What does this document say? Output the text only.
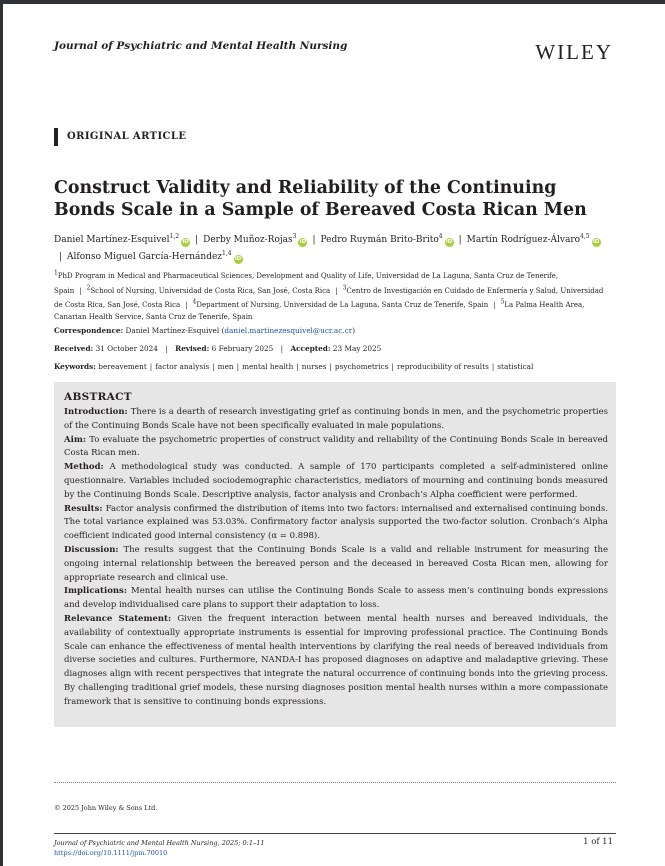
Journal of Psychiatric and Mental Health Nursing	WILEY
ORIGINAL ARTICLE
Construct Validity and Reliability of the Continuing Bonds Scale in a Sample of Bereaved Costa Rican Men
Daniel Martínez-Esquivel$^{1,2}$iD | Derby Muñoz-Rojas$^3$iD | Pedro Ruymán Brito-Brito$^4$iD | Martín Rodríguez-Álvaro$^{4,5}$iD| Alfonso Miguel García-Hernández$^{1,4}$iD
1PhD Program in Medical and Pharmaceutical Sciences, Development and Quality of Life, Universidad de La Laguna, Santa Cruz de Tenerife, Spain | 2School of Nursing, Universidad de Costa Rica, San José, Costa Rica | 3Centro de Investigación en Cuidado de Enfermería y Salud, Universidad de Costa Rica, San José, Costa Rica | 4Department of Nursing, Universidad de La Laguna, Santa Cruz de Tenerife, Spain | 5La Palma Health Area, Canarian Health Service, Santa Cruz de Tenerife, Spain
Correspondence: Daniel Martínez-Esquivel (daniel.martinezesquivel@ucr.ac.cr)
Received: 31 October 2024 | Revised: 6 February 2025 | Accepted: 23 May 2025
Keywords: bereavement | factor analysis | men | mental health | nurses | psychometrics | reproducibility of results | statistical
ABSTRACT

Introduction: There is a dearth of research investigating grief as continuing bonds in men, and the psychometric properties of the Continuing Bonds Scale have not been specifically evaluated in male populations.

Aim: To evaluate the psychometric properties of construct validity and reliability of the Continuing Bonds Scale in bereaved Costa Rican men.

Method: A methodological study was conducted. A sample of 170 participants completed a self-administered online questionnaire. Variables included sociodemographic characteristics, mediators of mourning and continuing bonds measured by the Continuing Bonds Scale. Descriptive analysis, factor analysis and Cronbach’s Alpha coefficient were performed.

Results: Factor analysis confirmed the distribution of items into two factors: internalised and externalised continuing bonds. The total variance explained was 53.03%. Confirmatory factor analysis supported the two-factor solution. Cronbach’s Alpha coefficient indicated good internal consistency (α = 0.898).

Discussion: The results suggest that the Continuing Bonds Scale is a valid and reliable instrument for measuring the ongoing internal relationship between the bereaved person and the deceased in bereaved Costa Rican men, allowing for appropriate research and clinical use.

Implications: Mental health nurses can utilise the Continuing Bonds Scale to assess men’s continuing bonds expressions and develop individualised care plans to support their adaptation to loss.

Relevance Statement: Given the frequent interaction between mental health nurses and bereaved individuals, the availability of contextually appropriate instruments is essential for improving professional practice. The Continuing Bonds Scale can enhance the effectiveness of mental health interventions by clarifying the real needs of bereaved individuals from diverse societies and cultures. Furthermore, NANDA-I has proposed diagnoses on adaptive and maladaptive grieving. These diagnoses align with recent perspectives that integrate the natural occurrence of continuing bonds into the grieving process. By challenging traditional grief models, these nursing diagnoses position mental health nurses within a more compassionate framework that is sensitive to continuing bonds expressions.

© 2025 John Wiley & Sons Ltd.
Journal of Psychiatric and Mental Health Nursing, 2025; 0:1–11
https://doi.org/10.1111/jpm.70010
1 of 11
